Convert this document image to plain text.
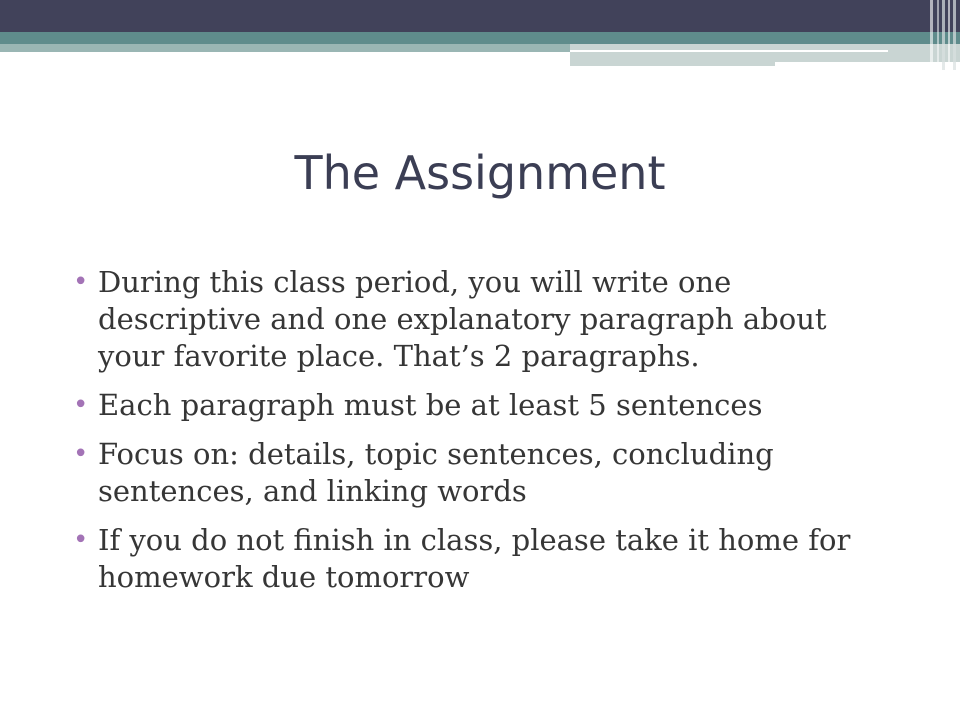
The Assignment
• During this class period, you will write one descriptive and one explanatory paragraph about your favorite place. That’s 2 paragraphs.
• Each paragraph must be at least 5 sentences
• Focus on: details, topic sentences, concluding sentences, and linking words
• If you do not finish in class, please take it home for homework due tomorrow
